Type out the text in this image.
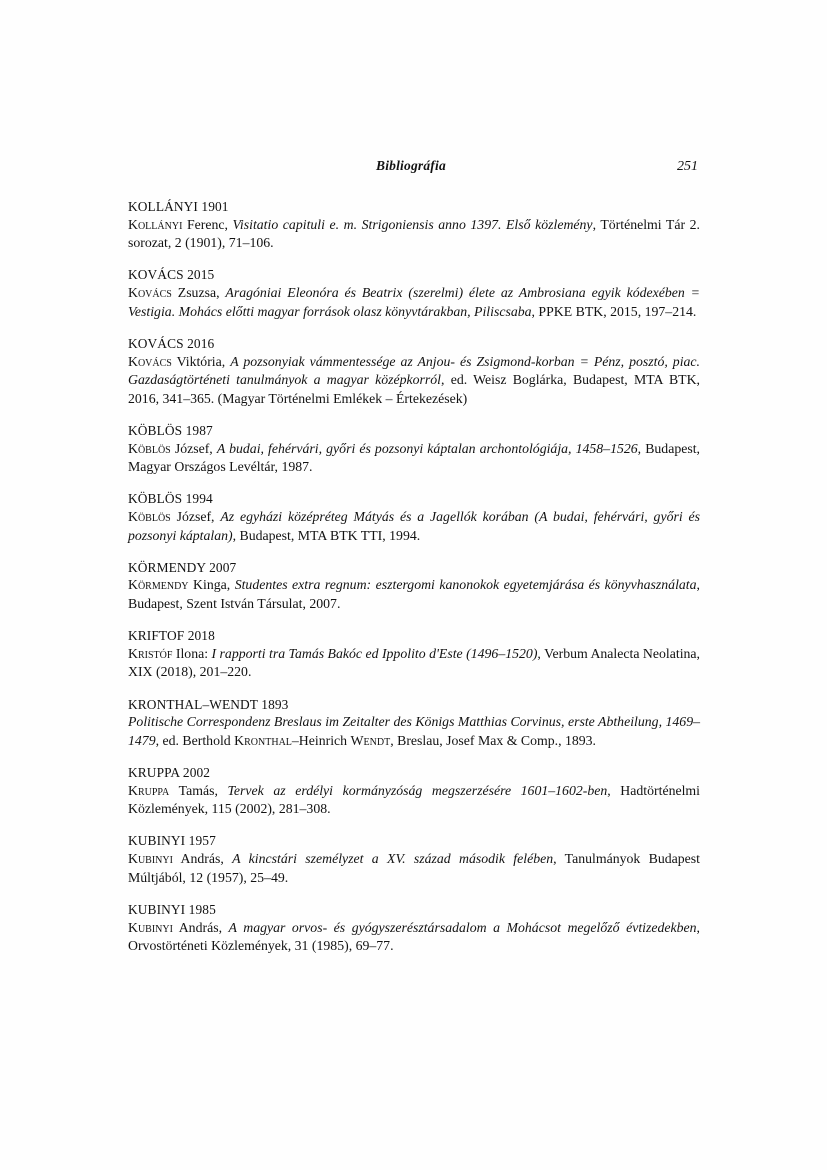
Bibliográfia	251
KOLLÁNYI 1901
Kollányi Ferenc, Visitatio capituli e. m. Strigoniensis anno 1397. Első közlemény, Történelmi Tár 2. sorozat, 2 (1901), 71–106.
KOVÁCS 2015
Kovács Zsuzsa, Aragóniai Eleonóra és Beatrix (szerelmi) élete az Ambrosiana egyik kódexében = Vestigia. Mohács előtti magyar források olasz könyvtárakban, Piliscsaba, PPKE BTK, 2015, 197–214.
KOVÁCS 2016
Kovács Viktória, A pozsonyiak vámmentessége az Anjou- és Zsigmond-korban = Pénz, posztó, piac. Gazdaságtörténeti tanulmányok a magyar középkorról, ed. Weisz Boglárka, Budapest, MTA BTK, 2016, 341–365. (Magyar Történelmi Emlékek – Értekezések)
KÖBLÖS 1987
Köblös József, A budai, fehérvári, győri és pozsonyi káptalan archontológiája, 1458–1526, Budapest, Magyar Országos Levéltár, 1987.
KÖBLÖS 1994
Köblös József, Az egyházi középréteg Mátyás és a Jagellók korában (A budai, fehérvári, győri és pozsonyi káptalan), Budapest, MTA BTK TTI, 1994.
KÖRMENDY 2007
Körmendy Kinga, Studentes extra regnum: esztergomi kanonokok egyetemjárása és könyvhasználata, Budapest, Szent István Társulat, 2007.
KRIFTOF 2018
Kristóf Ilona: I rapporti tra Tamás Bakóc ed Ippolito d'Este (1496–1520), Verbum Analecta Neolatina, XIX (2018), 201–220.
KRONTHAL–WENDT 1893
Politische Correspondenz Breslaus im Zeitalter des Königs Matthias Corvinus, erste Abtheilung, 1469–1479, ed. Berthold Kronthal–Heinrich Wendt, Breslau, Josef Max & Comp., 1893.
KRUPPA 2002
Kruppa Tamás, Tervek az erdélyi kormányzóság megszerzésére 1601–1602-ben, Hadtörténelmi Közlemények, 115 (2002), 281–308.
KUBINYI 1957
Kubinyi András, A kincstári személyzet a XV. század második felében, Tanulmányok Budapest Múltjából, 12 (1957), 25–49.
KUBINYI 1985
Kubinyi András, A magyar orvos- és gyógyszerésztársadalom a Mohácsot megelőző évtizedekben, Orvostörténeti Közlemények, 31 (1985), 69–77.
